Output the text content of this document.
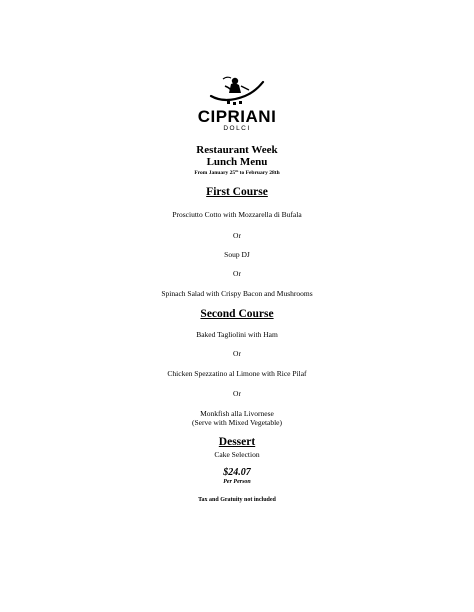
CIPRIANI
DOLCI
Restaurant Week
Lunch Menu
From January 25th to February 28th
First Course
Prosciutto Cotto with Mozzarella di Bufala
Or
Soup DJ
Or
Spinach Salad with Crispy Bacon and Mushrooms
Second Course
Baked Tagliolini with Ham
Or
Chicken Spezzatino al Limone with Rice Pilaf
Or
Monkfish alla Livornese
(Serve with Mixed Vegetable)
Dessert
Cake Selection
$24.07
Per Person
Tax and Gratuity not included
